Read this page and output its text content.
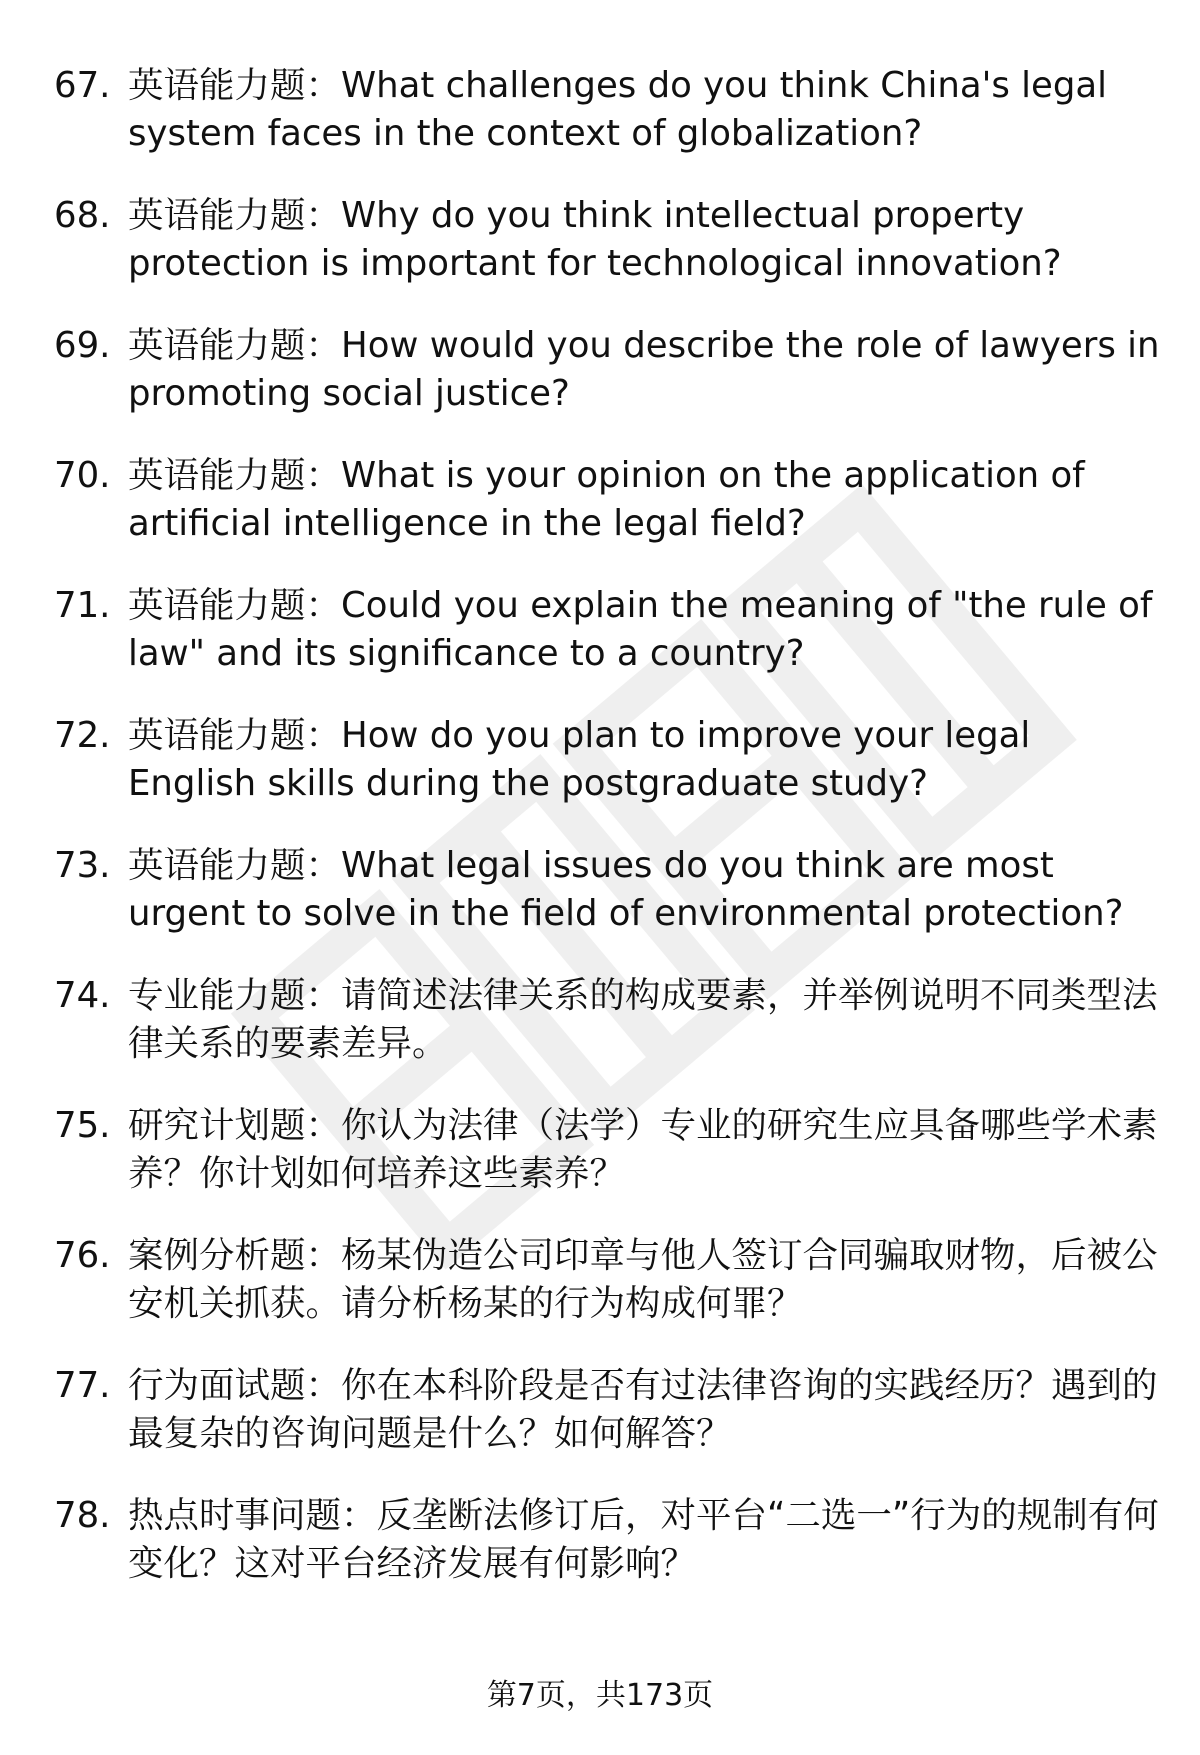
67. 英语能力题：What challenges do you think China's legal system faces in the context of globalization?
68. 英语能力题：Why do you think intellectual property protection is important for technological innovation?
69. 英语能力题：How would you describe the role of lawyers in promoting social justice?
70. 英语能力题：What is your opinion on the application of artificial intelligence in the legal field?
71. 英语能力题：Could you explain the meaning of "the rule of law" and its significance to a country?
72. 英语能力题：How do you plan to improve your legal English skills during the postgraduate study?
73. 英语能力题：What legal issues do you think are most urgent to solve in the field of environmental protection?
74. 专业能力题：请简述法律关系的构成要素，并举例说明不同类型法律关系的要素差异。
75. 研究计划题：你认为法律（法学）专业的研究生应具备哪些学术素养？你计划如何培养这些素养？
76. 案例分析题：杨某伪造公司印章与他人签订合同骗取财物，后被公安机关抓获。请分析杨某的行为构成何罪？
77. 行为面试题：你在本科阶段是否有过法律咨询的实践经历？遇到的最复杂的咨询问题是什么？如何解答？
78. 热点时事问题：反垄断法修订后，对平台“二选一”行为的规制有何变化？这对平台经济发展有何影响？
第7页，共173页
